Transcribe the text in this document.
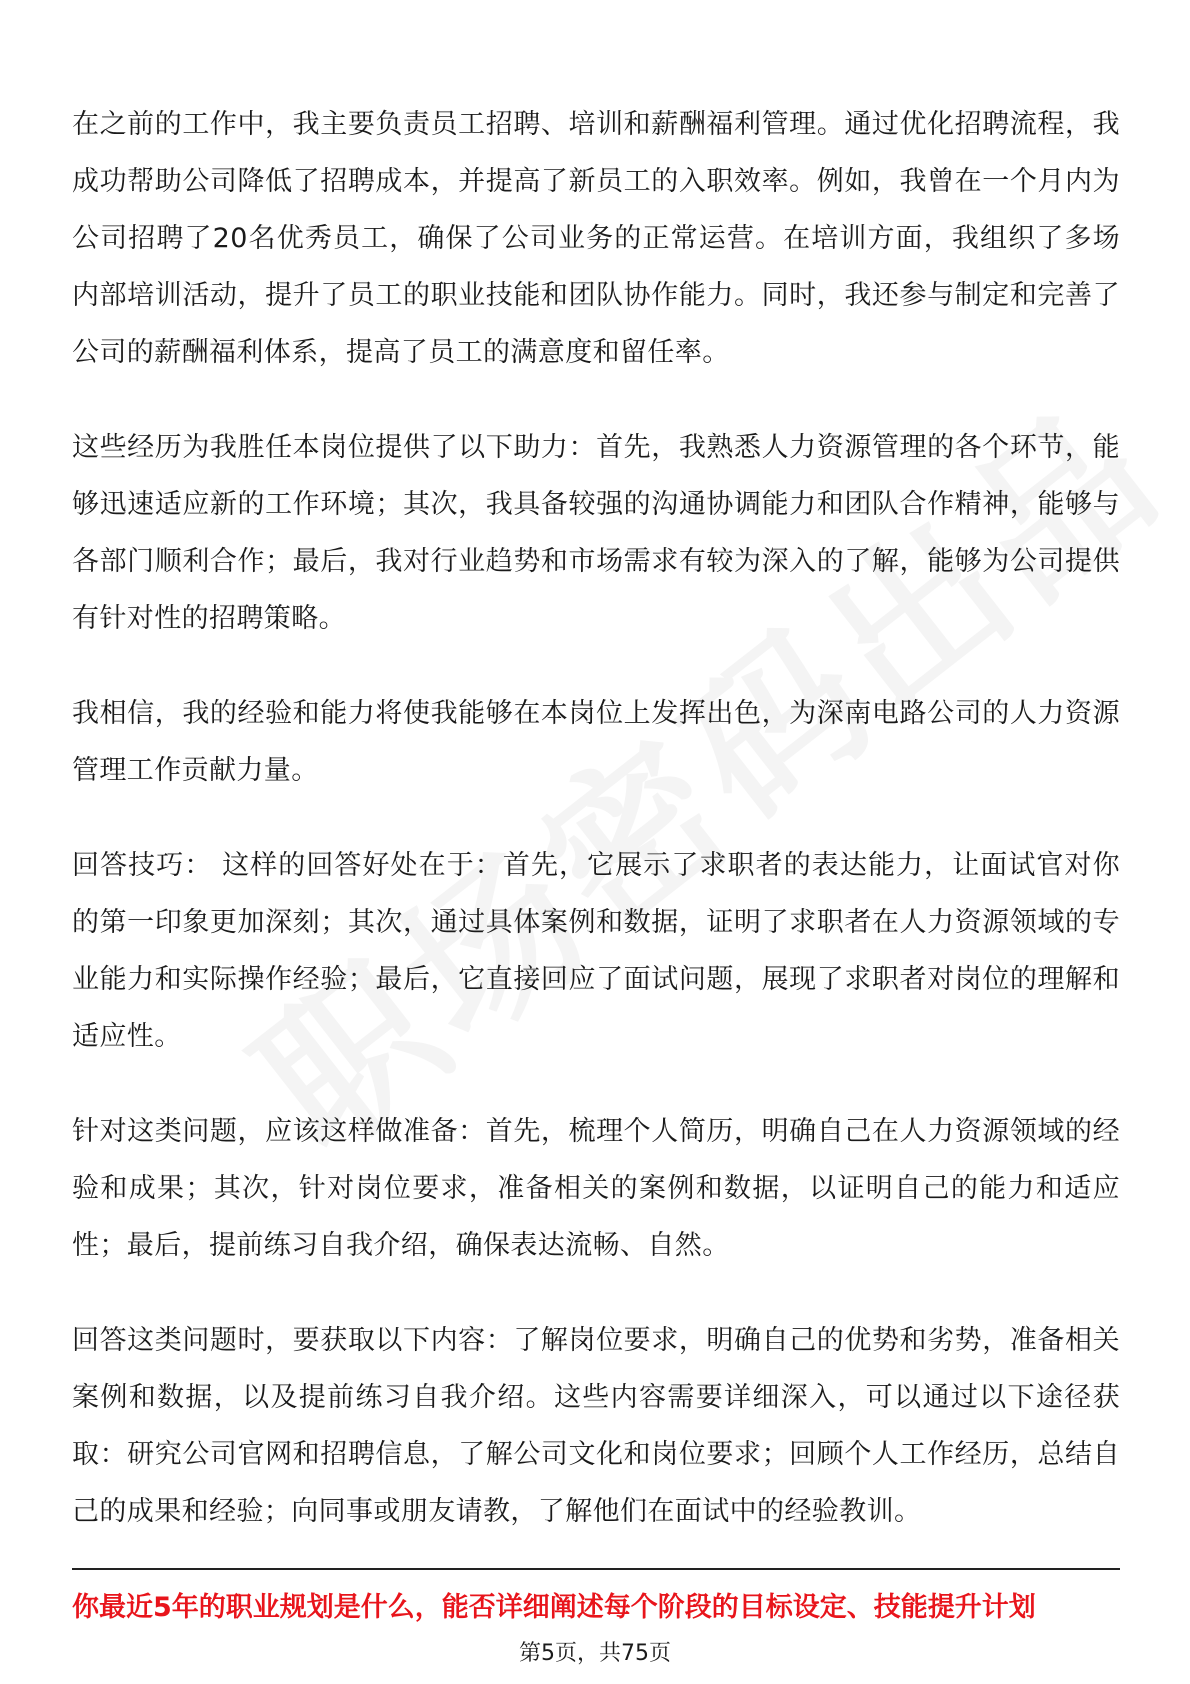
在之前的工作中，我主要负责员工招聘、培训和薪酬福利管理。通过优化招聘流程，我成功帮助公司降低了招聘成本，并提高了新员工的入职效率。例如，我曾在一个月内为公司招聘了20名优秀员工，确保了公司业务的正常运营。在培训方面，我组织了多场内部培训活动，提升了员工的职业技能和团队协作能力。同时，我还参与制定和完善了公司的薪酬福利体系，提高了员工的满意度和留任率。

这些经历为我胜任本岗位提供了以下助力：首先，我熟悉人力资源管理的各个环节，能够迅速适应新的工作环境；其次，我具备较强的沟通协调能力和团队合作精神，能够与各部门顺利合作；最后，我对行业趋势和市场需求有较为深入的了解，能够为公司提供有针对性的招聘策略。

我相信，我的经验和能力将使我能够在本岗位上发挥出色，为深南电路公司的人力资源管理工作贡献力量。

回答技巧： 这样的回答好处在于：首先，它展示了求职者的表达能力，让面试官对你的第一印象更加深刻；其次，通过具体案例和数据，证明了求职者在人力资源领域的专业能力和实际操作经验；最后，它直接回应了面试问题，展现了求职者对岗位的理解和适应性。

针对这类问题，应该这样做准备：首先，梳理个人简历，明确自己在人力资源领域的经验和成果；其次，针对岗位要求，准备相关的案例和数据，以证明自己的能力和适应性；最后，提前练习自我介绍，确保表达流畅、自然。

回答这类问题时，要获取以下内容：了解岗位要求，明确自己的优势和劣势，准备相关案例和数据，以及提前练习自我介绍。这些内容需要详细深入，可以通过以下途径获取：研究公司官网和招聘信息，了解公司文化和岗位要求；回顾个人工作经历，总结自己的成果和经验；向同事或朋友请教，了解他们在面试中的经验教训。

你最近5年的职业规划是什么，能否详细阐述每个阶段的目标设定、技能提升计划
第5页，共75页
